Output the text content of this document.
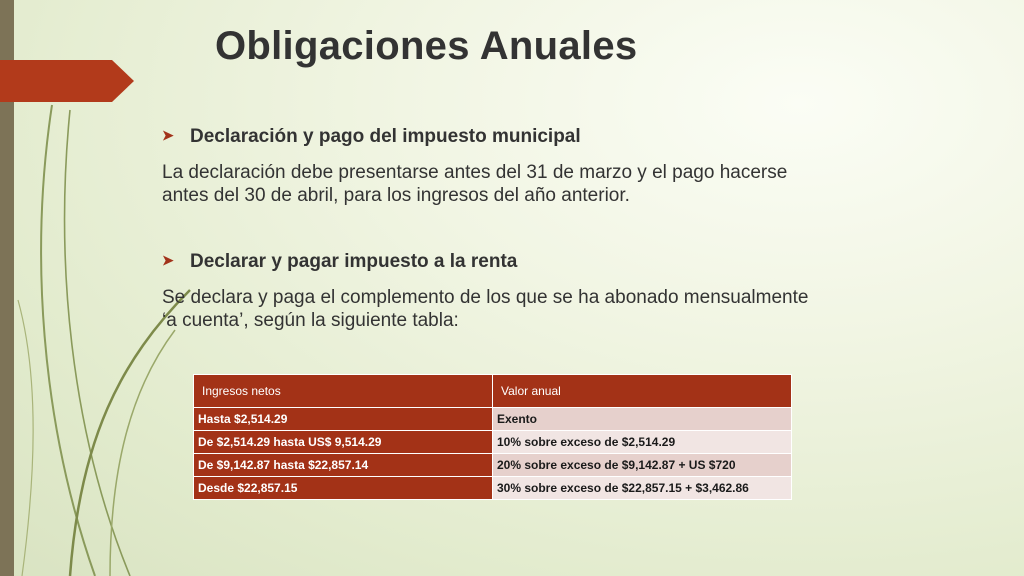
Obligaciones Anuales
➤ Declaración y pago del impuesto municipal
La declaración debe presentarse antes del 31 de marzo y el pago hacerse
antes del 30 de abril, para los ingresos del año anterior.
➤ Declarar y pagar impuesto a la renta
Se declara y paga el complemento de los que se ha abonado mensualmente
‘a cuenta’, según la siguiente tabla:
Ingresos netos	Valor anual
Hasta $2,514.29	Exento
De $2,514.29 hasta US$ 9,514.29	10% sobre exceso de $2,514.29
De $9,142.87 hasta $22,857.14	20% sobre exceso de $9,142.87 + US $720
Desde $22,857.15	30% sobre exceso de $22,857.15 + $3,462.86
